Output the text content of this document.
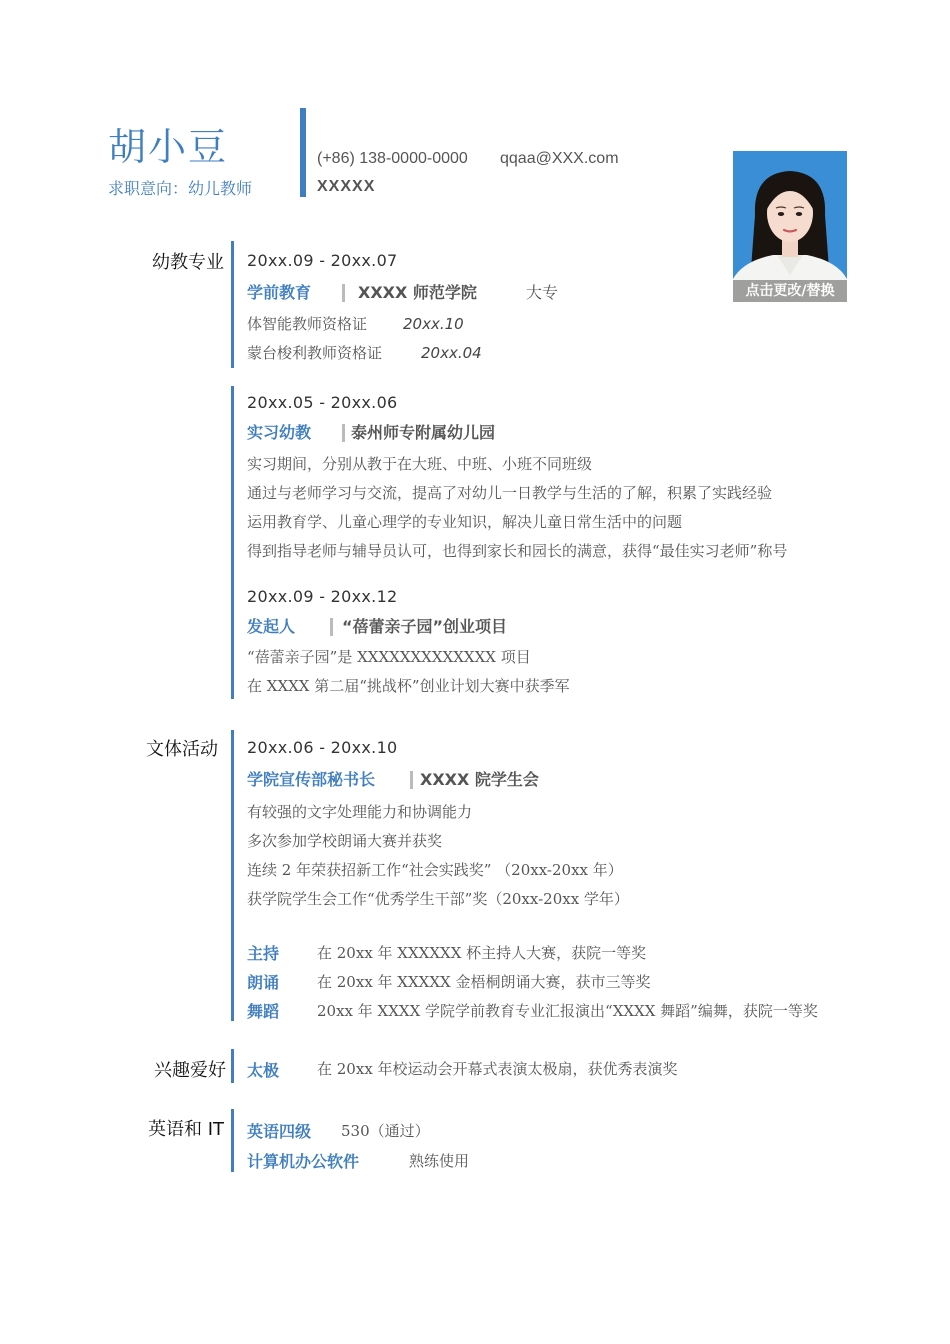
胡小豆
求职意向：幼儿教师
(+86) 138-0000-0000 qqaa@XXX.com
XXXXX
点击更改/替换
幼教专业 20xx.09 - 20xx.07
学前教育	XXXX 师范学院	大专
体智能教师资格证 20xx.10
蒙台梭利教师资格证	20xx.04
20xx.05 - 20xx.06
实习幼教 泰州师专附属幼儿园
实习期间，分别从教于在大班、中班、小班不同班级
通过与老师学习与交流，提高了对幼儿一日教学与生活的了解，积累了实践经验
运用教育学、儿童心理学的专业知识，解决儿童日常生活中的问题
得到指导老师与辅导员认可，也得到家长和园长的满意，获得“最佳实习老师”称号
20xx.09 - 20xx.12
发起人	“蓓蕾亲子园”创业项目
“蓓蕾亲子园”是 XXXXXXXXXXXXX 项目
在 XXXX 第二届“挑战杯”创业计划大赛中获季军
文体活动 20xx.06 - 20xx.10
学院宣传部秘书长	XXXX 院学生会
有较强的文字处理能力和协调能力
多次参加学校朗诵大赛并获奖
连续 2 年荣获招新工作“社会实践奖” （20xx-20xx 年）
获学院学生会工作“优秀学生干部”奖（20xx-20xx 学年）
主持	在 20xx 年 XXXXXX 杯主持人大赛，获院一等奖
朗诵	在 20xx 年 XXXXX 金梧桐朗诵大赛，获市三等奖
舞蹈	20xx 年 XXXX 学院学前教育专业汇报演出“XXXX 舞蹈”编舞，获院一等奖
兴趣爱好 太极	在 20xx 年校运动会开幕式表演太极扇，获优秀表演奖
英语和 IT 英语四级 530（通过）
计算机办公软件	熟练使用
